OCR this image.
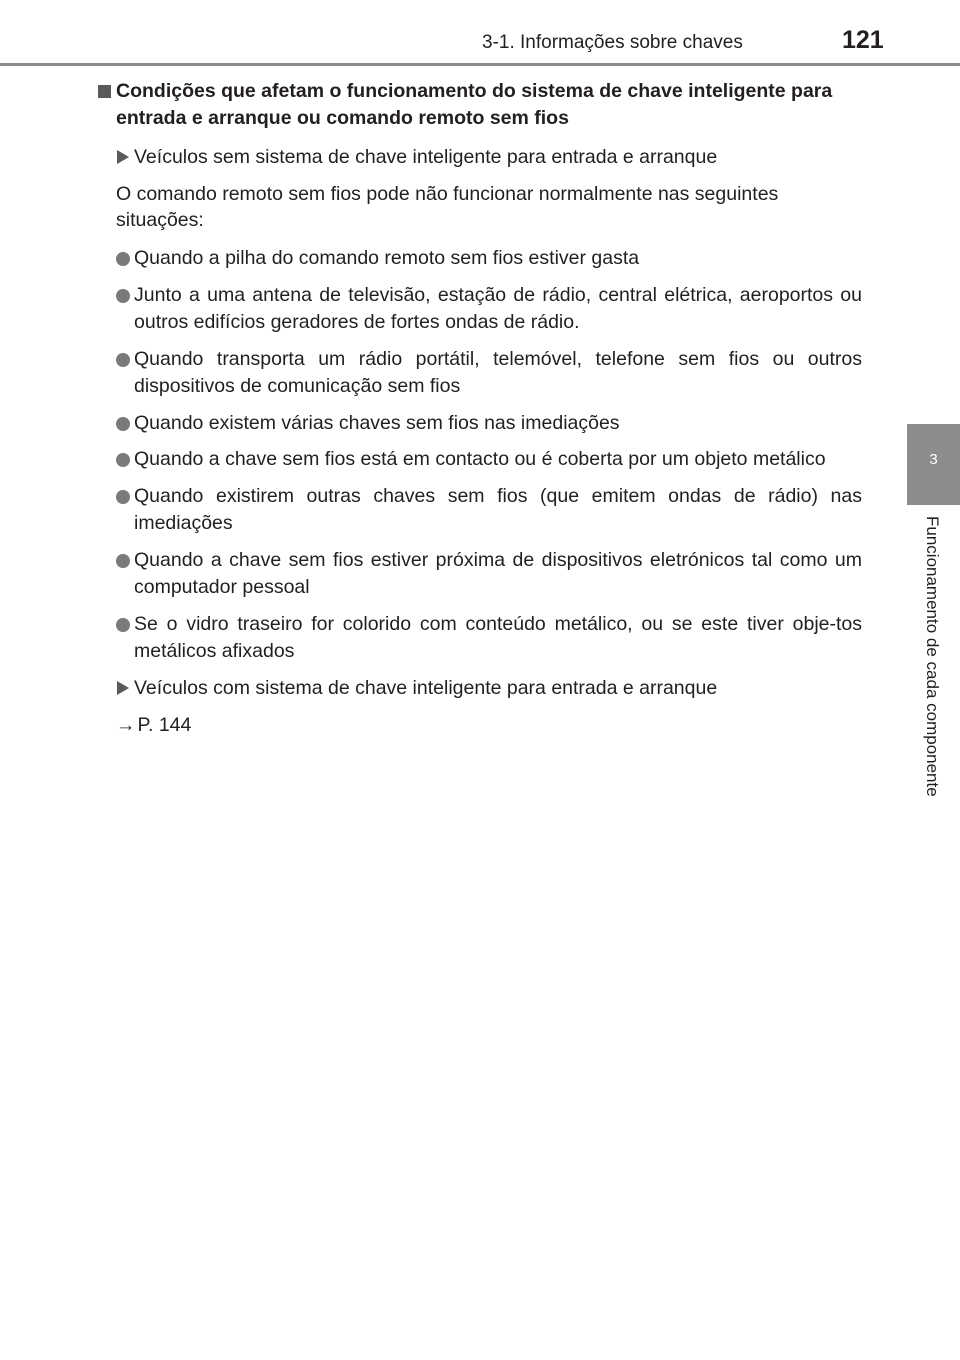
3-1. Informações sobre chaves	121
3
Funcionamento de cada componente
Condições que afetam o funcionamento do sistema de chave inteligente para entrada e arranque ou comando remoto sem fios
Veículos sem sistema de chave inteligente para entrada e arranque
O comando remoto sem fios pode não funcionar normalmente nas seguintes situações:
Quando a pilha do comando remoto sem fios estiver gasta
Junto a uma antena de televisão, estação de rádio, central elétrica, aeroportos ou outros edifícios geradores de fortes ondas de rádio.
Quando transporta um rádio portátil, telemóvel, telefone sem fios ou outros dispositivos de comunicação sem fios
Quando existem várias chaves sem fios nas imediações
Quando a chave sem fios está em contacto ou é coberta por um objeto metálico
Quando existirem outras chaves sem fios (que emitem ondas de rádio) nas imediações
Quando a chave sem fios estiver próxima de dispositivos eletrónicos tal como um computador pessoal
Se o vidro traseiro for colorido com conteúdo metálico, ou se este tiver obje-tos metálicos afixados
Veículos com sistema de chave inteligente para entrada e arranque
→ P. 144
